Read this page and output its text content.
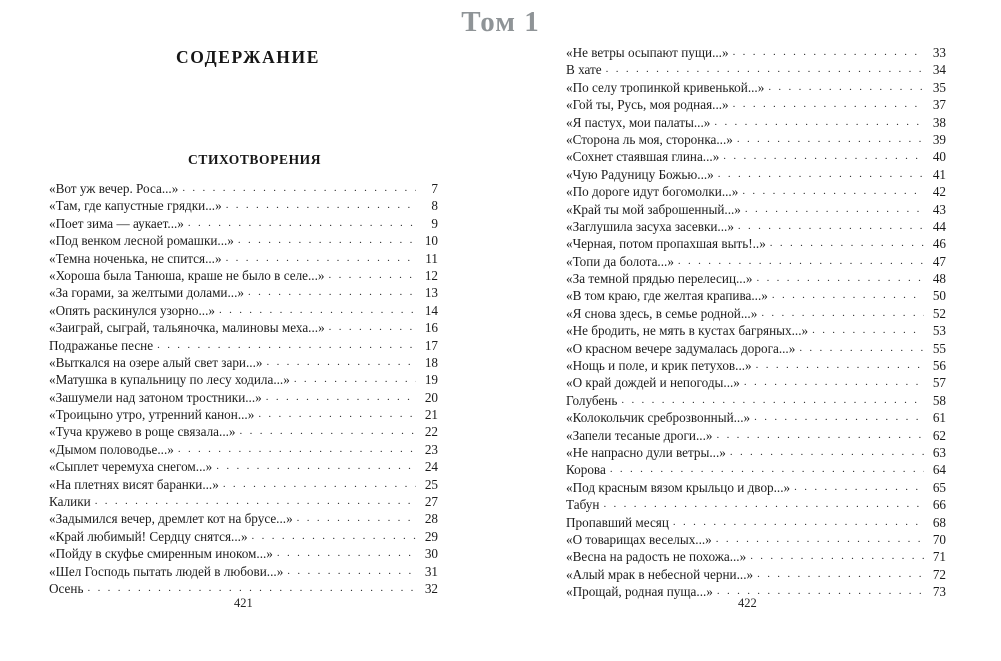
Том 1
СОДЕРЖАНИЕ
СТИХОТВОРЕНИЯ
«Вот уж вечер. Роса...» . . .	7
«Там, где капустные грядки...» . . .	8
«Поет зима — аукает...» . . .	9
«Под венком лесной ромашки...» . . .	10
«Темна ноченька, не спится...» . . .	11
«Хороша была Танюша, краше не было в селе...» . . .	12
«За горами, за желтыми долами...» . . .	13
«Опять раскинулся узорно...» . . .	14
«Заиграй, сыграй, тальяночка, малиновы меха...» . . .	16
Подражанье песне . . .	17
«Выткался на озере алый свет зари...» . . .	18
«Матушка в купальницу по лесу ходила...» . . .	19
«Зашумели над затоном тростники...» . . .	20
«Троицыно утро, утренний канон...» . . .	21
«Туча кружево в роще связала...» . . .	22
«Дымом половодье...» . . .	23
«Сыплет черемуха снегом...» . . .	24
«На плетнях висят баранки...» . . .	25
Калики . . .	27
«Задымился вечер, дремлет кот на брусе...» . . .	28
«Край любимый! Сердцу снятся...» . . .	29
«Пойду в скуфье смиренным иноком...» . . .	30
«Шел Господь пытать людей в любови...» . . .	31
Осень . . .	32
421
«Не ветры осыпают пущи...» . . .	33
В хате . . .	34
«По селу тропинкой кривенькой...» . . .	35
«Гой ты, Русь, моя родная...» . . .	37
«Я пастух, мои палаты...» . . .	38
«Сторона ль моя, сторонка...» . . .	39
«Сохнет стаявшая глина...» . . .	40
«Чую Радуницу Божью...» . . .	41
«По дороге идут богомолки...» . . .	42
«Край ты мой заброшенный...» . . .	43
«Заглушила засуха засевки...» . . .	44
«Черная, потом пропахшая выть!..» . . .	46
«Топи да болота...» . . .	47
«За темной прядью перелесиц...» . . .	48
«В том краю, где желтая крапива...» . . .	50
«Я снова здесь, в семье родной...» . . .	52
«Не бродить, не мять в кустах багряных...» . . .	53
«О красном вечере задумалась дорога...» . . .	55
«Нощь и поле, и крик петухов...» . . .	56
«О край дождей и непогоды...» . . .	57
Голубень . . .	58
«Колокольчик среброзвонный...» . . .	61
«Запели тесаные дроги...» . . .	62
«Не напрасно дули ветры...» . . .	63
Корова . . .	64
«Под красным вязом крыльцо и двор...» . . .	65
Табун . . .	66
Пропавший месяц . . .	68
«О товарищах веселых...» . . .	70
«Весна на радость не похожа...» . . .	71
«Алый мрак в небесной черни...» . . .	72
«Прощай, родная пуща...» . . .	73
422
